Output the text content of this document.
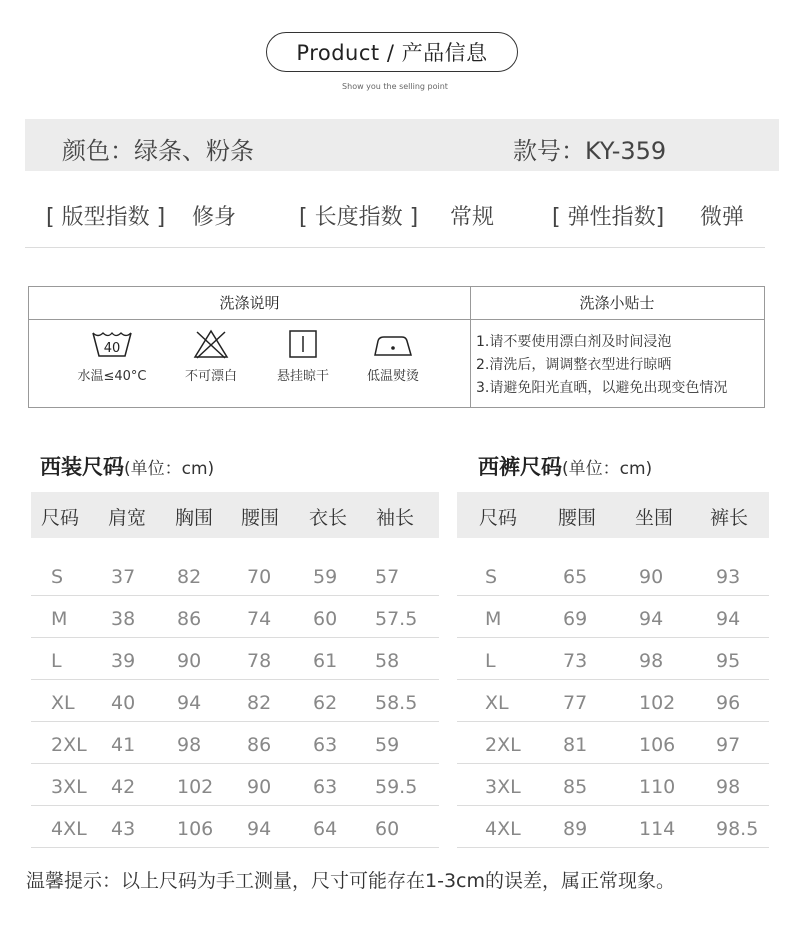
Product / 产品信息
Show you the selling point
颜色：绿条、粉条	款号：KY-359
[ 版型指数 ] 修身	[ 长度指数 ] 常规	[ 弹性指数] 微弹
洗涤说明	洗涤小贴士
40
水温≤40°C	不可漂白	悬挂晾干	低温熨烫
1.请不要使用漂白剂及时间浸泡
2.清洗后，调调整衣型进行晾晒
3.请避免阳光直晒，以避免出现变色情况
西装尺码(单位：cm)
尺码 肩宽 胸围 腰围 衣长 袖长
S	37 82 70 59 57
M 38 86 74 60 57.5
L	39 90 78 61 58
XL 40 94 82 62 58.5
2XL 41 98 86 63 59
3XL 42 102 90 63 59.5
4XL 43 106 94 64 60
西裤尺码(单位：cm)
尺码 腰围 坐围 裤长
S	65	90	93
M	69	94	94
L	73	98	95
XL	77	102 96
2XL 81	106 97
3XL 85	110 98
4XL 89	114 98.5
温馨提示：以上尺码为手工测量，尺寸可能存在1-3cm的误差，属正常现象。
